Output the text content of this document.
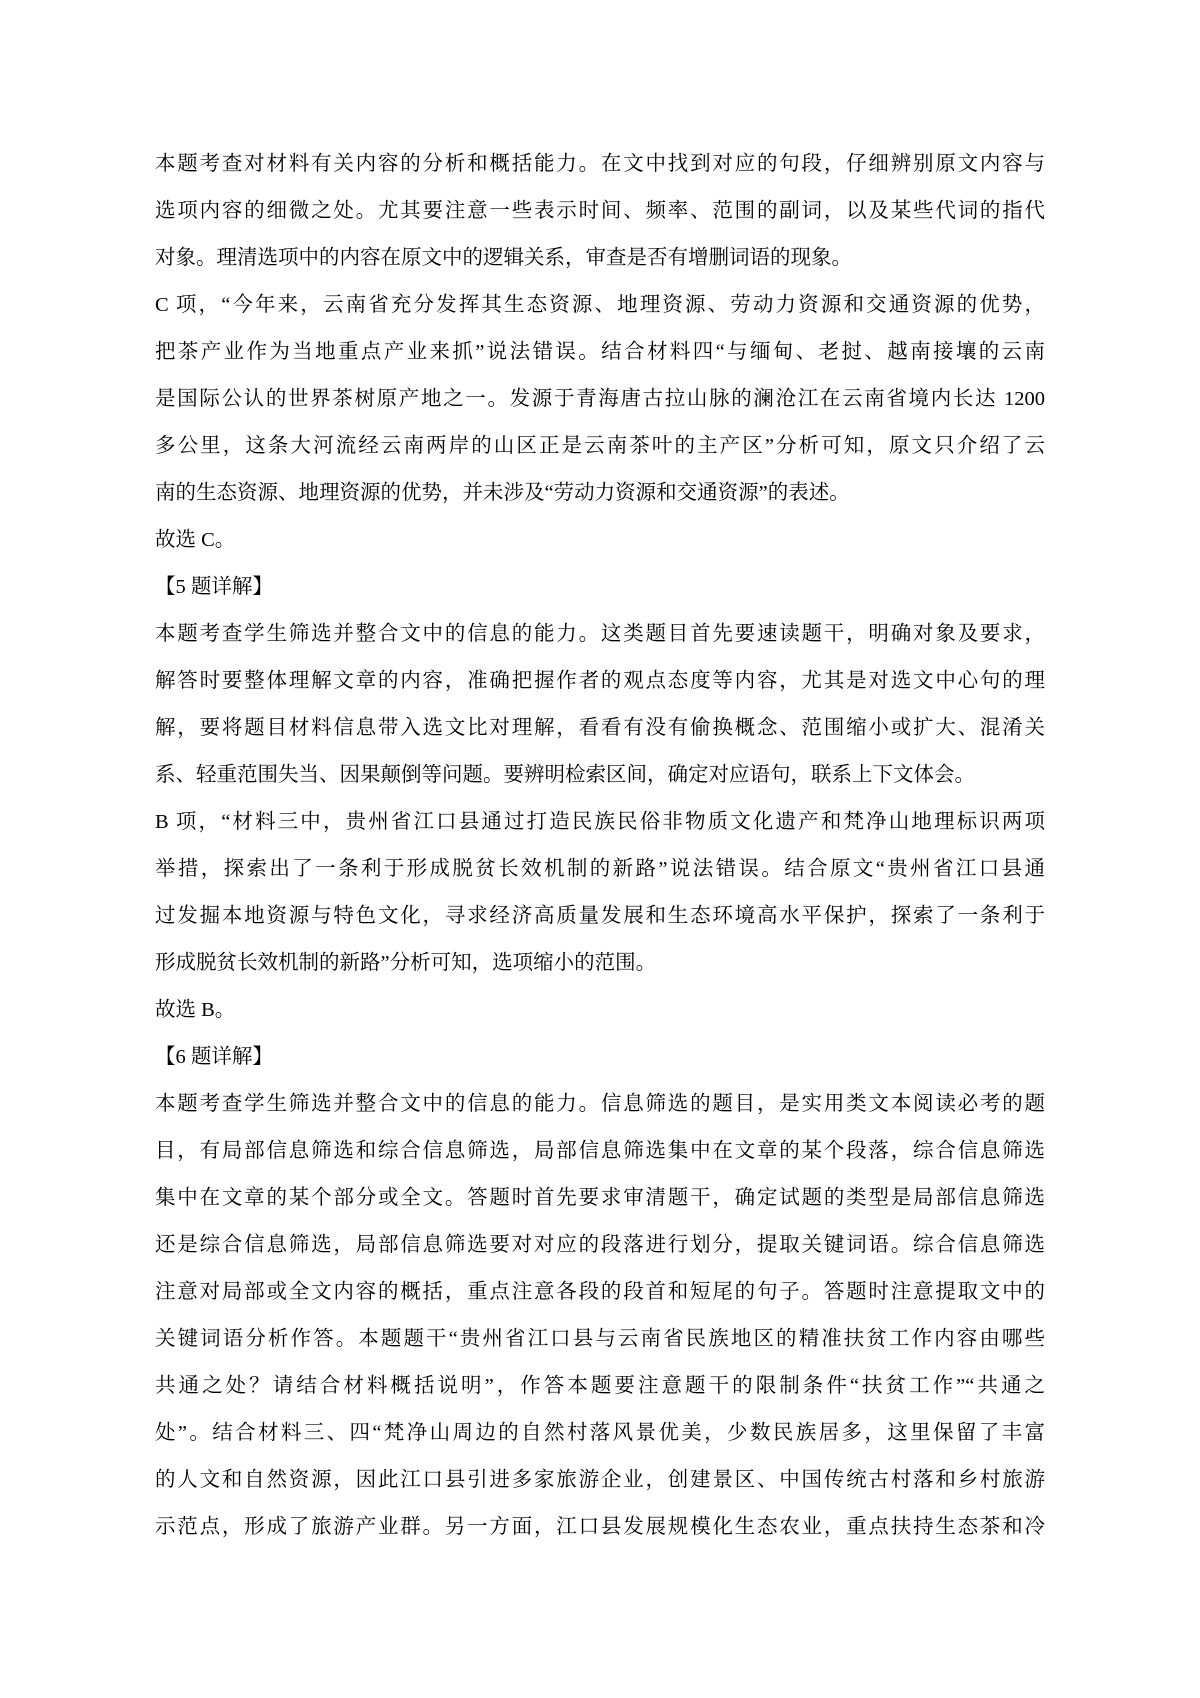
本题考查对材料有关内容的分析和概括能力。在文中找到对应的句段，仔细辨别原文内容与
选项内容的细微之处。尤其要注意一些表示时间、频率、范围的副词，以及某些代词的指代
对象。理清选项中的内容在原文中的逻辑关系，审查是否有增删词语的现象。
C 项，“今年来，云南省充分发挥其生态资源、地理资源、劳动力资源和交通资源的优势，
把茶产业作为当地重点产业来抓”说法错误。结合材料四“与缅甸、老挝、越南接壤的云南
是国际公认的世界茶树原产地之一。发源于青海唐古拉山脉的澜沧江在云南省境内长达 1200
多公里，这条大河流经云南两岸的山区正是云南茶叶的主产区”分析可知，原文只介绍了云
南的生态资源、地理资源的优势，并未涉及“劳动力资源和交通资源”的表述。
故选 C。
【5 题详解】
本题考查学生筛选并整合文中的信息的能力。这类题目首先要速读题干，明确对象及要求，
解答时要整体理解文章的内容，准确把握作者的观点态度等内容，尤其是对选文中心句的理
解，要将题目材料信息带入选文比对理解，看看有没有偷换概念、范围缩小或扩大、混淆关
系、轻重范围失当、因果颠倒等问题。要辨明检索区间，确定对应语句，联系上下文体会。
B 项，“材料三中，贵州省江口县通过打造民族民俗非物质文化遗产和梵净山地理标识两项
举措，探索出了一条利于形成脱贫长效机制的新路”说法错误。结合原文“贵州省江口县通
过发掘本地资源与特色文化，寻求经济高质量发展和生态环境高水平保护，探索了一条利于
形成脱贫长效机制的新路”分析可知，选项缩小的范围。
故选 B。
【6 题详解】
本题考查学生筛选并整合文中的信息的能力。信息筛选的题目，是实用类文本阅读必考的题
目，有局部信息筛选和综合信息筛选，局部信息筛选集中在文章的某个段落，综合信息筛选
集中在文章的某个部分或全文。答题时首先要求审清题干，确定试题的类型是局部信息筛选
还是综合信息筛选，局部信息筛选要对对应的段落进行划分，提取关键词语。综合信息筛选
注意对局部或全文内容的概括，重点注意各段的段首和短尾的句子。答题时注意提取文中的
关键词语分析作答。本题题干“贵州省江口县与云南省民族地区的精准扶贫工作内容由哪些
共通之处？请结合材料概括说明”，作答本题要注意题干的限制条件“扶贫工作”“共通之
处”。结合材料三、四“梵净山周边的自然村落风景优美，少数民族居多，这里保留了丰富
的人文和自然资源，因此江口县引进多家旅游企业，创建景区、中国传统古村落和乡村旅游
示范点，形成了旅游产业群。另一方面，江口县发展规模化生态农业，重点扶持生态茶和冷
